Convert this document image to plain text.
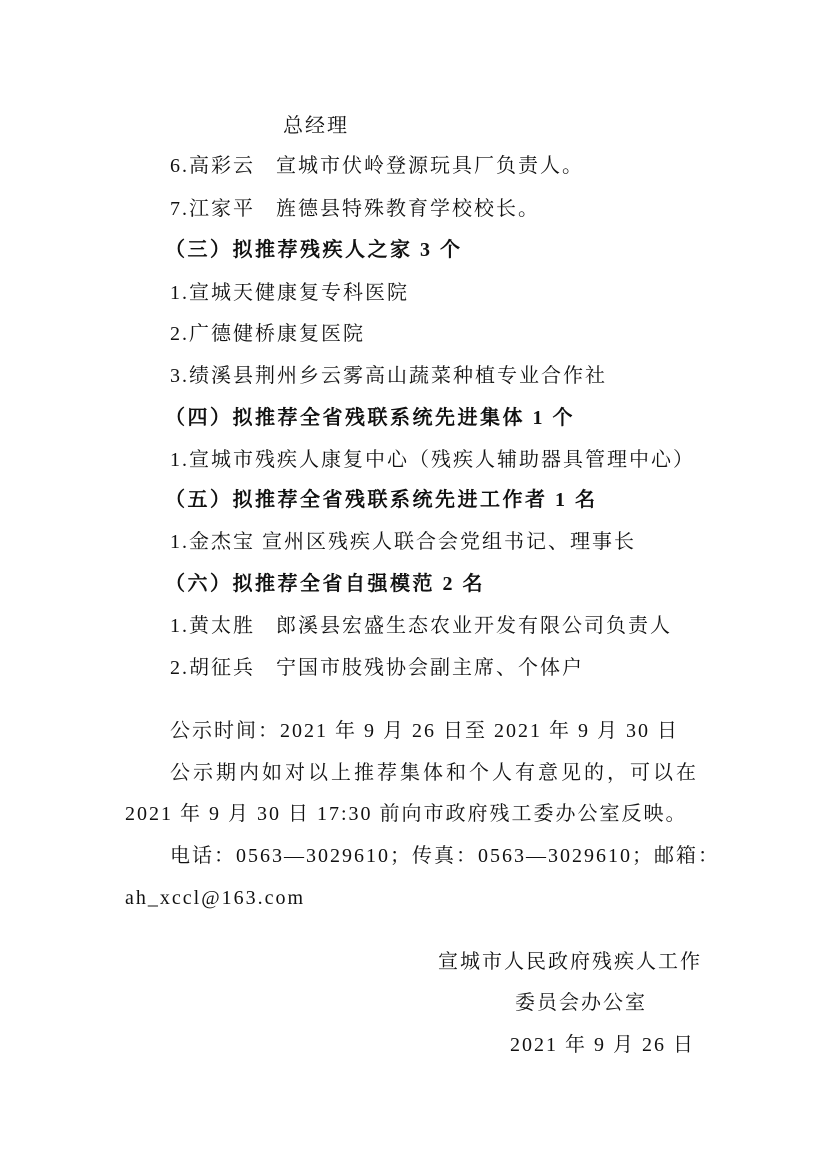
总经理
6.高彩云   宣城市伏岭登源玩具厂负责人。
7.江家平   旌德县特殊教育学校校长。
（三）拟推荐残疾人之家 3 个
1.宣城天健康复专科医院
2.广德健桥康复医院
3.绩溪县荆州乡云雾高山蔬菜种植专业合作社
（四）拟推荐全省残联系统先进集体 1 个
1.宣城市残疾人康复中心（残疾人辅助器具管理中心）
（五）拟推荐全省残联系统先进工作者 1 名
1.金杰宝 宣州区残疾人联合会党组书记、理事长
（六）拟推荐全省自强模范 2 名
1.黄太胜   郎溪县宏盛生态农业开发有限公司负责人
2.胡征兵   宁国市肢残协会副主席、个体户
公示时间：2021 年 9 月 26 日至 2021 年 9 月 30 日
公示期内如对以上推荐集体和个人有意见的，可以在
2021 年 9 月 30 日 17:30 前向市政府残工委办公室反映。
电话：0563—3029610；传真：0563—3029610；邮箱：
ah_xccl@163.com
宣城市人民政府残疾人工作
委员会办公室
2021 年 9 月 26 日
